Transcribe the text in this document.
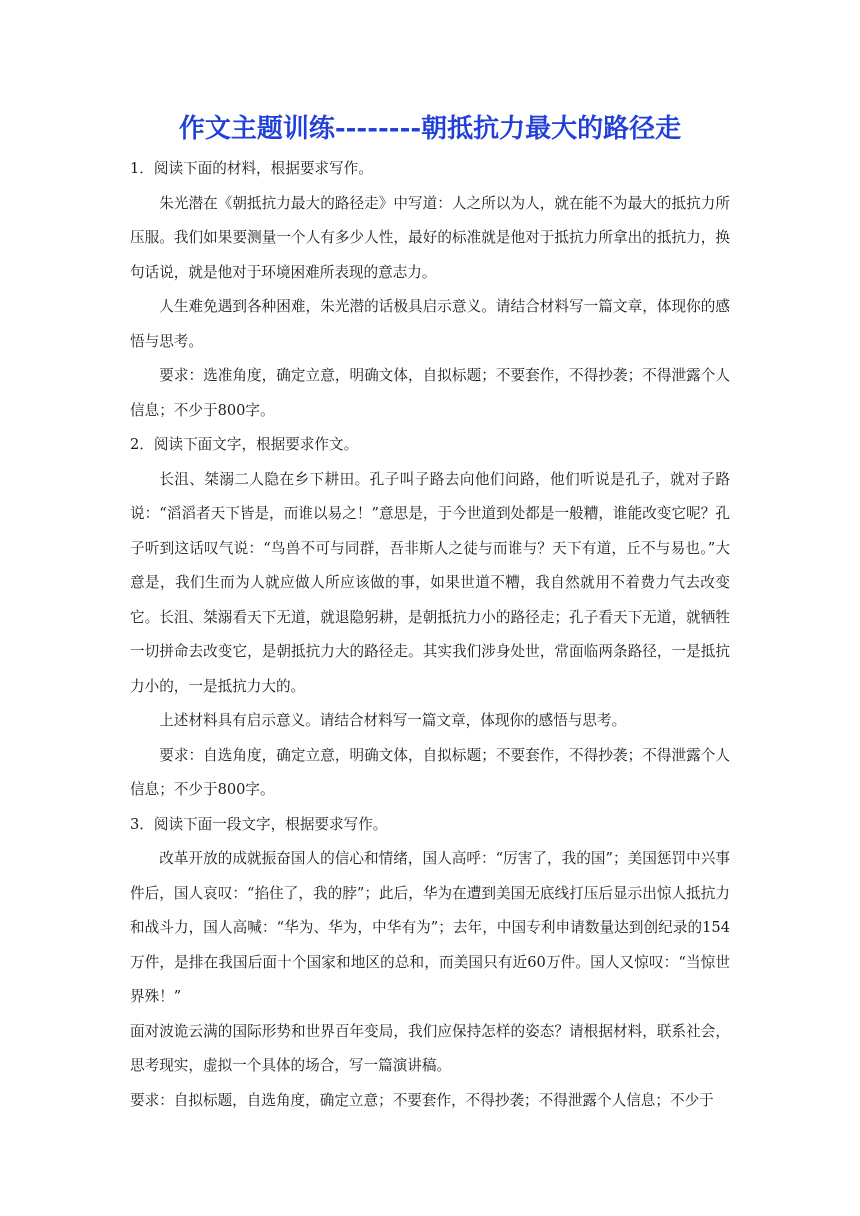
作文主题训练--------朝抵抗力最大的路径走

1．阅读下面的材料，根据要求写作。

朱光潜在《朝抵抗力最大的路径走》中写道：人之所以为人，就在能不为最大的抵抗力所压服。我们如果要测量一个人有多少人性，最好的标准就是他对于抵抗力所拿出的抵抗力，换句话说，就是他对于环境困难所表现的意志力。

人生难免遇到各种困难，朱光潜的话极具启示意义。请结合材料写一篇文章，体现你的感悟与思考。

要求：选准角度，确定立意，明确文体，自拟标题；不要套作，不得抄袭；不得泄露个人信息；不少于800字。

2．阅读下面文字，根据要求作文。

长沮、桀溺二人隐在乡下耕田。孔子叫子路去向他们问路，他们听说是孔子，就对子路说：“滔滔者天下皆是，而谁以易之！”意思是，于今世道到处都是一般糟，谁能改变它呢？孔子听到这话叹气说：“鸟兽不可与同群，吾非斯人之徒与而谁与？天下有道，丘不与易也。”大意是，我们生而为人就应做人所应该做的事，如果世道不糟，我自然就用不着费力气去改变它。长沮、桀溺看天下无道，就退隐躬耕，是朝抵抗力小的路径走；孔子看天下无道，就牺牲一切拼命去改变它，是朝抵抗力大的路径走。其实我们涉身处世，常面临两条路径，一是抵抗力小的，一是抵抗力大的。

上述材料具有启示意义。请结合材料写一篇文章，体现你的感悟与思考。

要求：自选角度，确定立意，明确文体，自拟标题；不要套作，不得抄袭；不得泄露个人信息；不少于800字。

3．阅读下面一段文字，根据要求写作。

改革开放的成就振奋国人的信心和情绪，国人高呼：“厉害了，我的国”；美国惩罚中兴事件后，国人哀叹：“掐住了，我的脖”；此后，华为在遭到美国无底线打压后显示出惊人抵抗力和战斗力，国人高喊：“华为、华为，中华有为”；去年，中国专利申请数量达到创纪录的154万件，是排在我国后面十个国家和地区的总和，而美国只有近60万件。国人又惊叹：“当惊世界殊！”

面对波诡云满的国际形势和世界百年变局，我们应保持怎样的姿态？请根据材料，联系社会，思考现实，虚拟一个具体的场合，写一篇演讲稿。

要求：自拟标题，自选角度，确定立意；不要套作，不得抄袭；不得泄露个人信息；不少于
